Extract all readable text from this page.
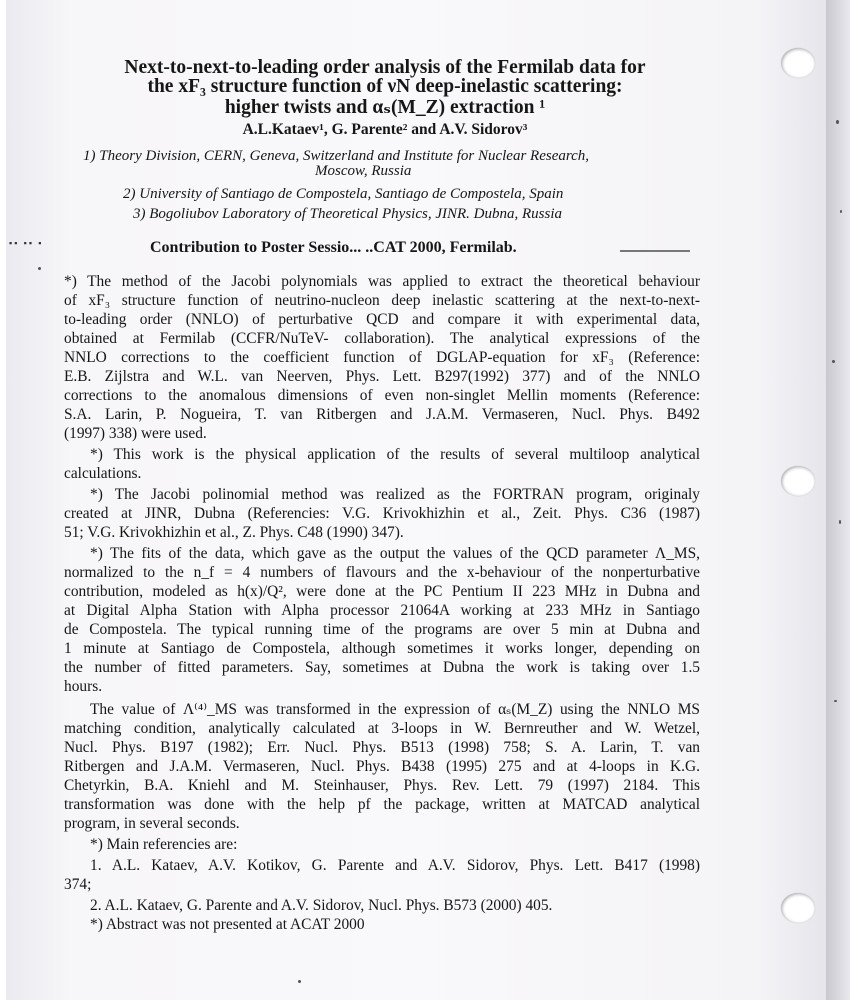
▪▪ ▪▪ ▪
Next-to-next-to-leading order analysis of the Fermilab data for
the xF₃ structure function of νN deep-inelastic scattering:
higher twists and αₛ(M_Z) extraction ¹
A.L.Kataev¹, G. Parente² and A.V. Sidorov³
1) Theory Division, CERN, Geneva, Switzerland and Institute for Nuclear Research,
Moscow, Russia
2) University of Santiago de Compostela, Santiago de Compostela, Spain
3) Bogoliubov Laboratory of Theoretical Physics, JINR. Dubna, Russia
Contribution to Poster Sessio... ..CAT 2000, Fermilab.
*) The method of the Jacobi polynomials was applied to extract the theoretical behaviour
of xF₃ structure function of neutrino-nucleon deep inelastic scattering at the next-to-next-
to-leading order (NNLO) of perturbative QCD and compare it with experimental data,
obtained at Fermilab (CCFR/NuTeV- collaboration). The analytical expressions of the
NNLO corrections to the coefficient function of DGLAP-equation for xF₃ (Reference:
E.B. Zijlstra and W.L. van Neerven, Phys. Lett. B297(1992) 377) and of the NNLO
corrections to the anomalous dimensions of even non-singlet Mellin moments (Reference:
S.A. Larin, P. Nogueira, T. van Ritbergen and J.A.M. Vermaseren, Nucl. Phys. B492
(1997) 338) were used.
*) This work is the physical application of the results of several multiloop analytical
calculations.
*) The Jacobi polinomial method was realized as the FORTRAN program, originaly
created at JINR, Dubna (Referencies: V.G. Krivokhizhin et al., Zeit. Phys. C36 (1987)
51; V.G. Krivokhizhin et al., Z. Phys. C48 (1990) 347).
*) The fits of the data, which gave as the output the values of the QCD parameter Λ_MS,
normalized to the n_f = 4 numbers of flavours and the x-behaviour of the nonperturbative
contribution, modeled as h(x)/Q², were done at the PC Pentium II 223 MHz in Dubna and
at Digital Alpha Station with Alpha processor 21064A working at 233 MHz in Santiago
de Compostela. The typical running time of the programs are over 5 min at Dubna and
1 minute at Santiago de Compostela, although sometimes it works longer, depending on
the number of fitted parameters. Say, sometimes at Dubna the work is taking over 1.5
hours.
The value of Λ⁽⁴⁾_MS was transformed in the expression of αₛ(M_Z) using the NNLO MS
matching condition, analytically calculated at 3-loops in W. Bernreuther and W. Wetzel,
Nucl. Phys. B197 (1982); Err. Nucl. Phys. B513 (1998) 758; S. A. Larin, T. van
Ritbergen and J.A.M. Vermaseren, Nucl. Phys. B438 (1995) 275 and at 4-loops in K.G.
Chetyrkin, B.A. Kniehl and M. Steinhauser, Phys. Rev. Lett. 79 (1997) 2184. This
transformation was done with the help pf the package, written at MATCAD analytical
program, in several seconds.
*) Main referencies are:
1. A.L. Kataev, A.V. Kotikov, G. Parente and A.V. Sidorov, Phys. Lett. B417 (1998)
374;
2. A.L. Kataev, G. Parente and A.V. Sidorov, Nucl. Phys. B573 (2000) 405.
*) Abstract was not presented at ACAT 2000
